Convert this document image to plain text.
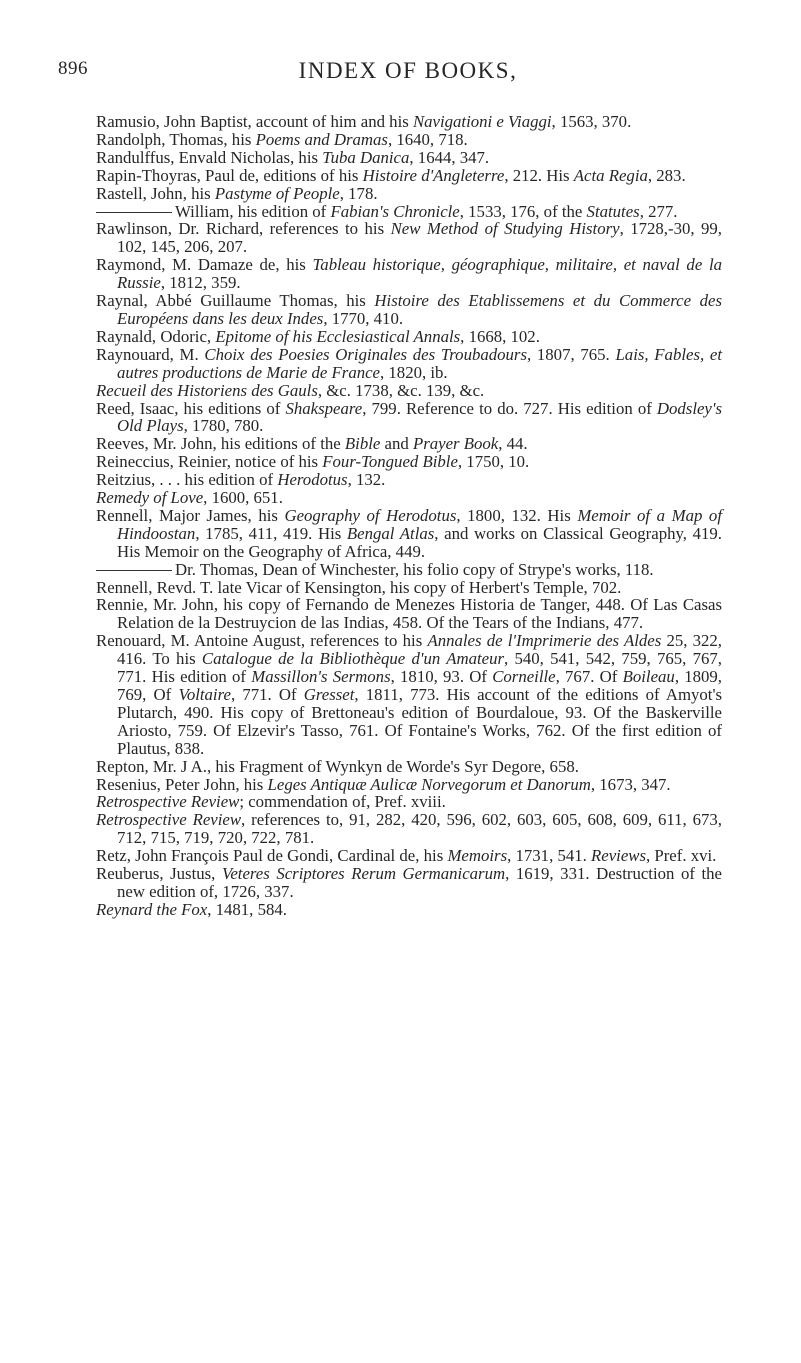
896	INDEX OF BOOKS,

Ramusio, John Baptist, account of him and his Navigationi e Viaggi, 1563, 370.

Randolph, Thomas, his Poems and Dramas, 1640, 718.

Randulffus, Envald Nicholas, his Tuba Danica, 1644, 347.

Rapin-Thoyras, Paul de, editions of his Histoire d'Angleterre, 212. His Acta Regia, 283.

Rastell, John, his Pastyme of People, 178.

William, his edition of Fabian's Chronicle, 1533, 176, of the Statutes, 277.

Rawlinson, Dr. Richard, references to his New Method of Studying History, 1728,-30, 99, 102, 145, 206, 207.

Raymond, M. Damaze de, his Tableau historique, géographique, militaire, et naval de la Russie, 1812, 359.

Raynal, Abbé Guillaume Thomas, his Histoire des Etablissemens et du Commerce des Européens dans les deux Indes, 1770, 410.

Raynald, Odoric, Epitome of his Ecclesiastical Annals, 1668, 102.

Raynouard, M. Choix des Poesies Originales des Troubadours, 1807, 765. Lais, Fables, et autres productions de Marie de France, 1820, ib.

Recueil des Historiens des Gauls, &c. 1738, &c. 139, &c.

Reed, Isaac, his editions of Shakspeare, 799. Reference to do. 727. His edition of Dodsley's Old Plays, 1780, 780.

Reeves, Mr. John, his editions of the Bible and Prayer Book, 44.

Reineccius, Reinier, notice of his Four-Tongued Bible, 1750, 10.

Reitzius, . . . his edition of Herodotus, 132.

Remedy of Love, 1600, 651.

Rennell, Major James, his Geography of Herodotus, 1800, 132. His Memoir of a Map of Hindoostan, 1785, 411, 419. His Bengal Atlas, and works on Classical Geography, 419. His Memoir on the Geography of Africa, 449.

Dr. Thomas, Dean of Winchester, his folio copy of Strype's works, 118.

Rennell, Revd. T. late Vicar of Kensington, his copy of Herbert's Temple, 702.

Rennie, Mr. John, his copy of Fernando de Menezes Historia de Tanger, 448. Of Las Casas Relation de la Destruycion de las Indias, 458. Of the Tears of the Indians, 477.

Renouard, M. Antoine August, references to his Annales de l'Imprimerie des Aldes 25, 322, 416. To his Catalogue de la Bibliothèque d'un Amateur, 540, 541, 542, 759, 765, 767, 771. His edition of Massillon's Sermons, 1810, 93. Of Corneille, 767. Of Boileau, 1809, 769, Of Voltaire, 771. Of Gresset, 1811, 773. His account of the editions of Amyot's Plutarch, 490. His copy of Brettoneau's edition of Bourdaloue, 93. Of the Baskerville Ariosto, 759. Of Elzevir's Tasso, 761. Of Fontaine's Works, 762. Of the first edition of Plautus, 838.

Repton, Mr. J A., his Fragment of Wynkyn de Worde's Syr Degore, 658.

Resenius, Peter John, his Leges Antiquæ Aulicæ Norvegorum et Danorum, 1673, 347.

Retrospective Review; commendation of, Pref. xviii.

Retrospective Review, references to, 91, 282, 420, 596, 602, 603, 605, 608, 609, 611, 673, 712, 715, 719, 720, 722, 781.

Retz, John François Paul de Gondi, Cardinal de, his Memoirs, 1731, 541. Reviews, Pref. xvi.

Reuberus, Justus, Veteres Scriptores Rerum Germanicarum, 1619, 331. Destruction of the new edition of, 1726, 337.

Reynard the Fox, 1481, 584.
